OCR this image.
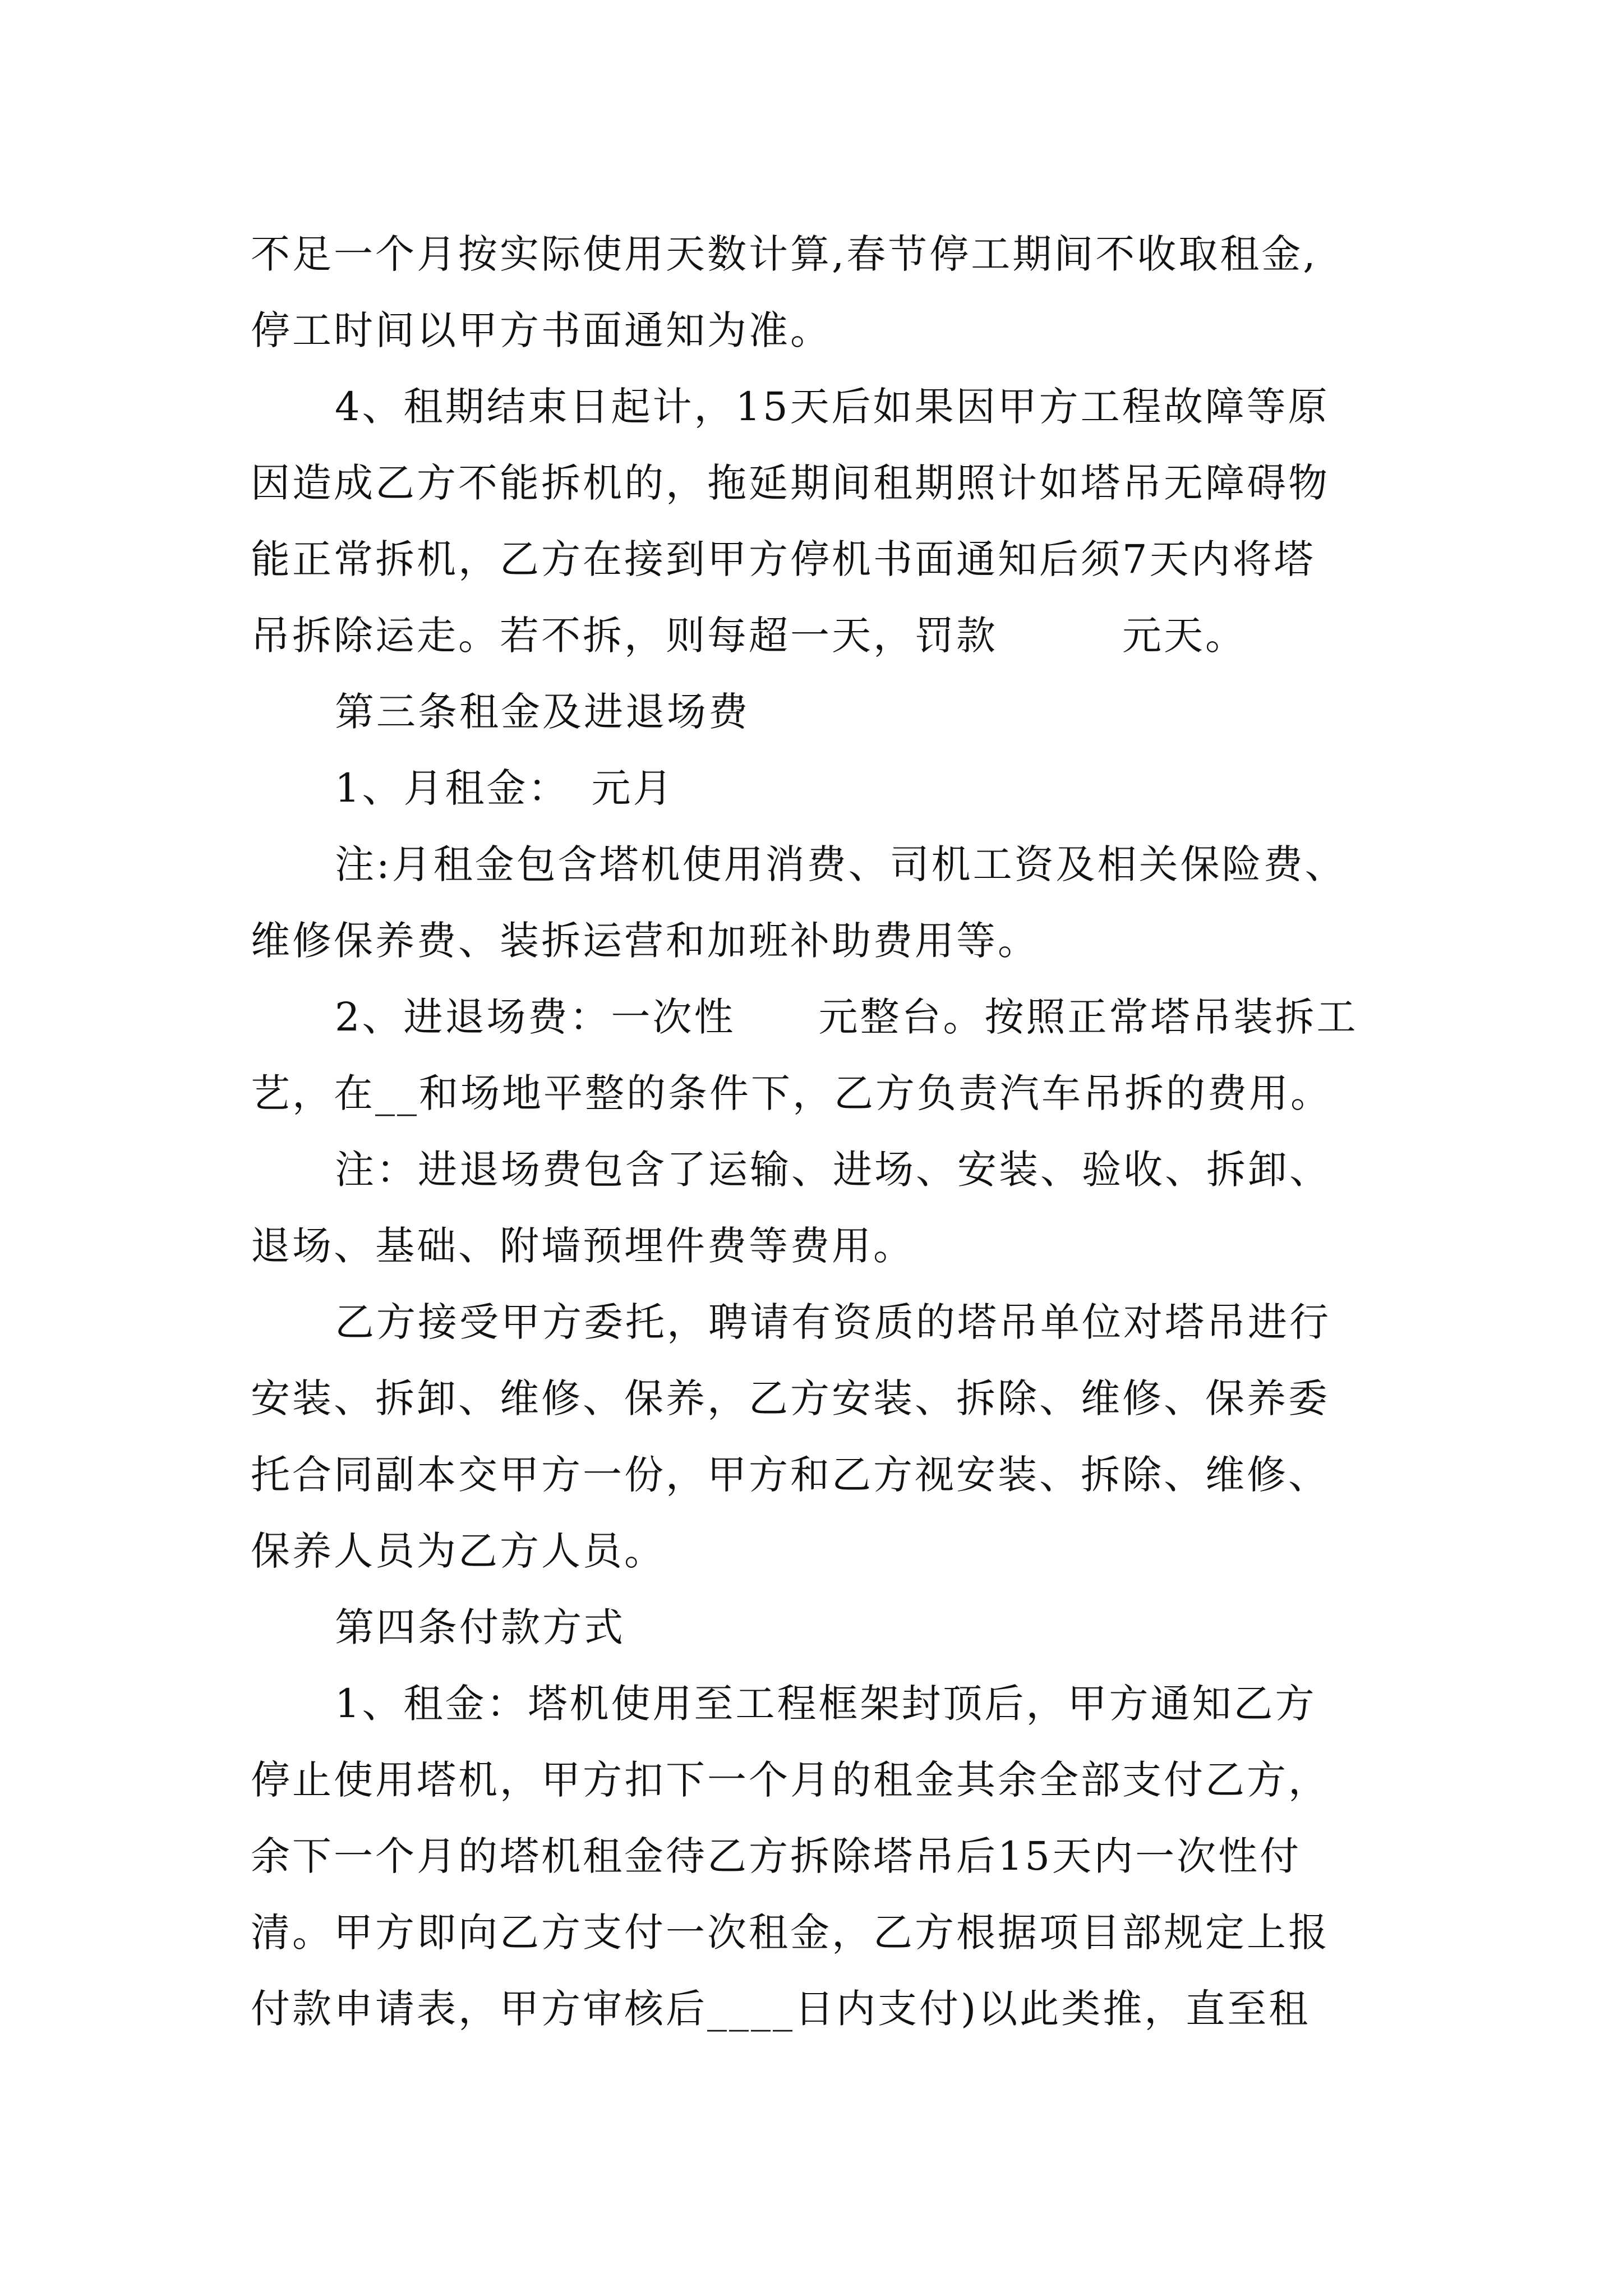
不足一个月按实际使用天数计算,春节停工期间不收取租金,
停工时间以甲方书面通知为准。
4、租期结束日起计，15天后如果因甲方工程故障等原
因造成乙方不能拆机的，拖延期间租期照计如塔吊无障碍物
能正常拆机，乙方在接到甲方停机书面通知后须7天内将塔
吊拆除运走。若不拆，则每超一天，罚款　　　元天。
第三条租金及进退场费
1、月租金：　元月
注:月租金包含塔机使用消费、司机工资及相关保险费、
维修保养费、装拆运营和加班补助费用等。
2、进退场费：一次性　　元整台。按照正常塔吊装拆工
艺，在__和场地平整的条件下，乙方负责汽车吊拆的费用。
注：进退场费包含了运输、进场、安装、验收、拆卸、
退场、基础、附墙预埋件费等费用。
乙方接受甲方委托，聘请有资质的塔吊单位对塔吊进行
安装、拆卸、维修、保养，乙方安装、拆除、维修、保养委
托合同副本交甲方一份，甲方和乙方视安装、拆除、维修、
保养人员为乙方人员。
第四条付款方式
1、租金：塔机使用至工程框架封顶后，甲方通知乙方
停止使用塔机，甲方扣下一个月的租金其余全部支付乙方，
余下一个月的塔机租金待乙方拆除塔吊后15天内一次性付
清。甲方即向乙方支付一次租金，乙方根据项目部规定上报
付款申请表，甲方审核后____日内支付)以此类推，直至租
